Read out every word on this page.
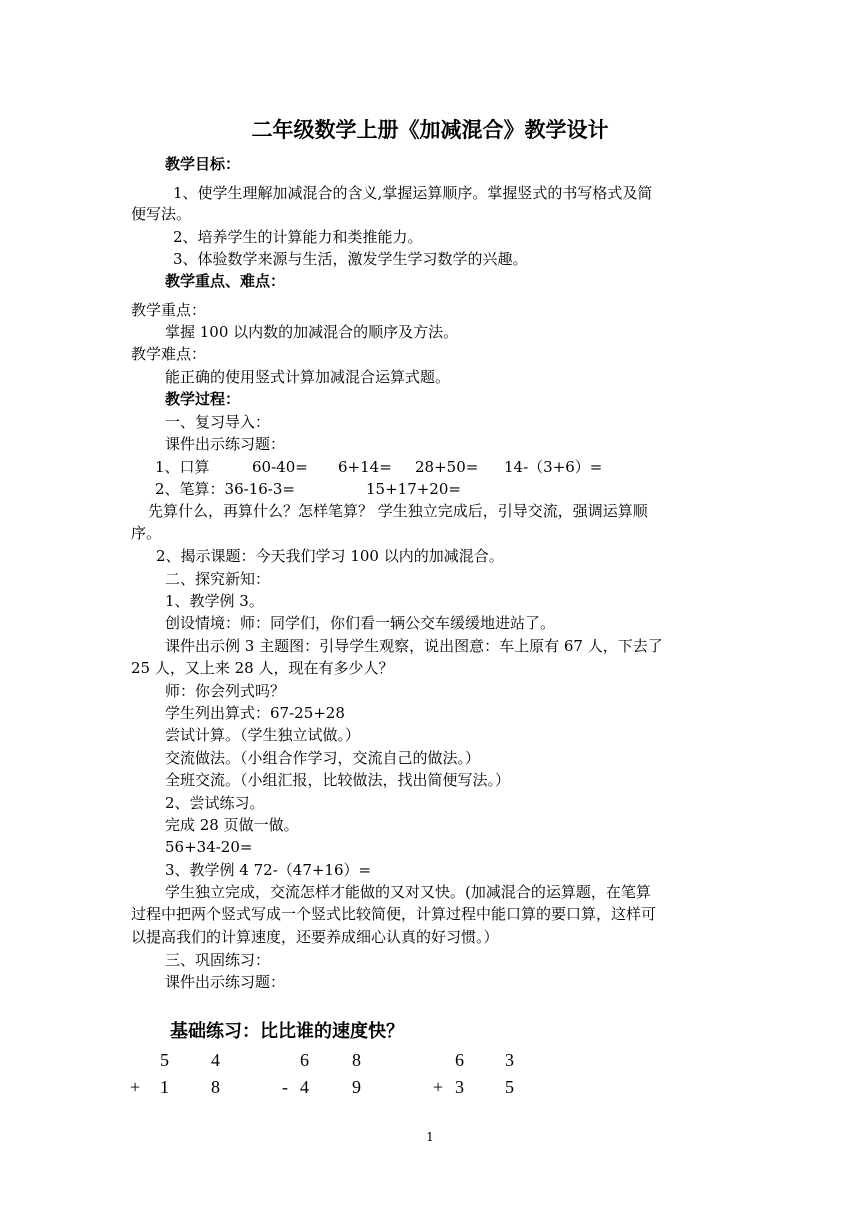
二年级数学上册《加减混合》教学设计
教学目标：
1、使学生理解加减混合的含义,掌握运算顺序。掌握竖式的书写格式及简
便写法。
2、培养学生的计算能力和类推能力。
3、体验数学来源与生活，激发学生学习数学的兴趣。
教学重点、难点：
教学重点：
掌握 100 以内数的加减混合的顺序及方法。
教学难点：
能正确的使用竖式计算加减混合运算式题。
教学过程：
一、复习导入：
课件出示练习题：
1、口算	60-40= 6+14= 28+50= 14-（3+6）=
2、笔算：36-16-3=	15+17+20=
先算什么，再算什么？怎样笔算？ 学生独立完成后，引导交流，强调运算顺
序。
2、揭示课题：今天我们学习 100 以内的加减混合。
二、探究新知：
1、教学例 3。
创设情境：师：同学们，你们看一辆公交车缓缓地进站了。
课件出示例 3 主题图：引导学生观察，说出图意：车上原有 67 人，下去了
25 人，又上来 28 人，现在有多少人？
师：你会列式吗？
学生列出算式：67-25+28
尝试计算。（学生独立试做。）
交流做法。（小组合作学习，交流自己的做法。）
全班交流。（小组汇报，比较做法，找出简便写法。）
2、尝试练习。
完成 28 页做一做。
56+34-20=
3、教学例 4 72-（47+16）=
学生独立完成，交流怎样才能做的又对又快。(加减混合的运算题，在笔算
过程中把两个竖式写成一个竖式比较简便，计算过程中能口算的要口算，这样可
以提高我们的计算速度，还要养成细心认真的好习惯。）
三、巩固练习：
课件出示练习题：
基础练习：比比谁的速度快？
5 4
+ 1 8
6 8
- 4 9
6 3
+ 3 5
1
